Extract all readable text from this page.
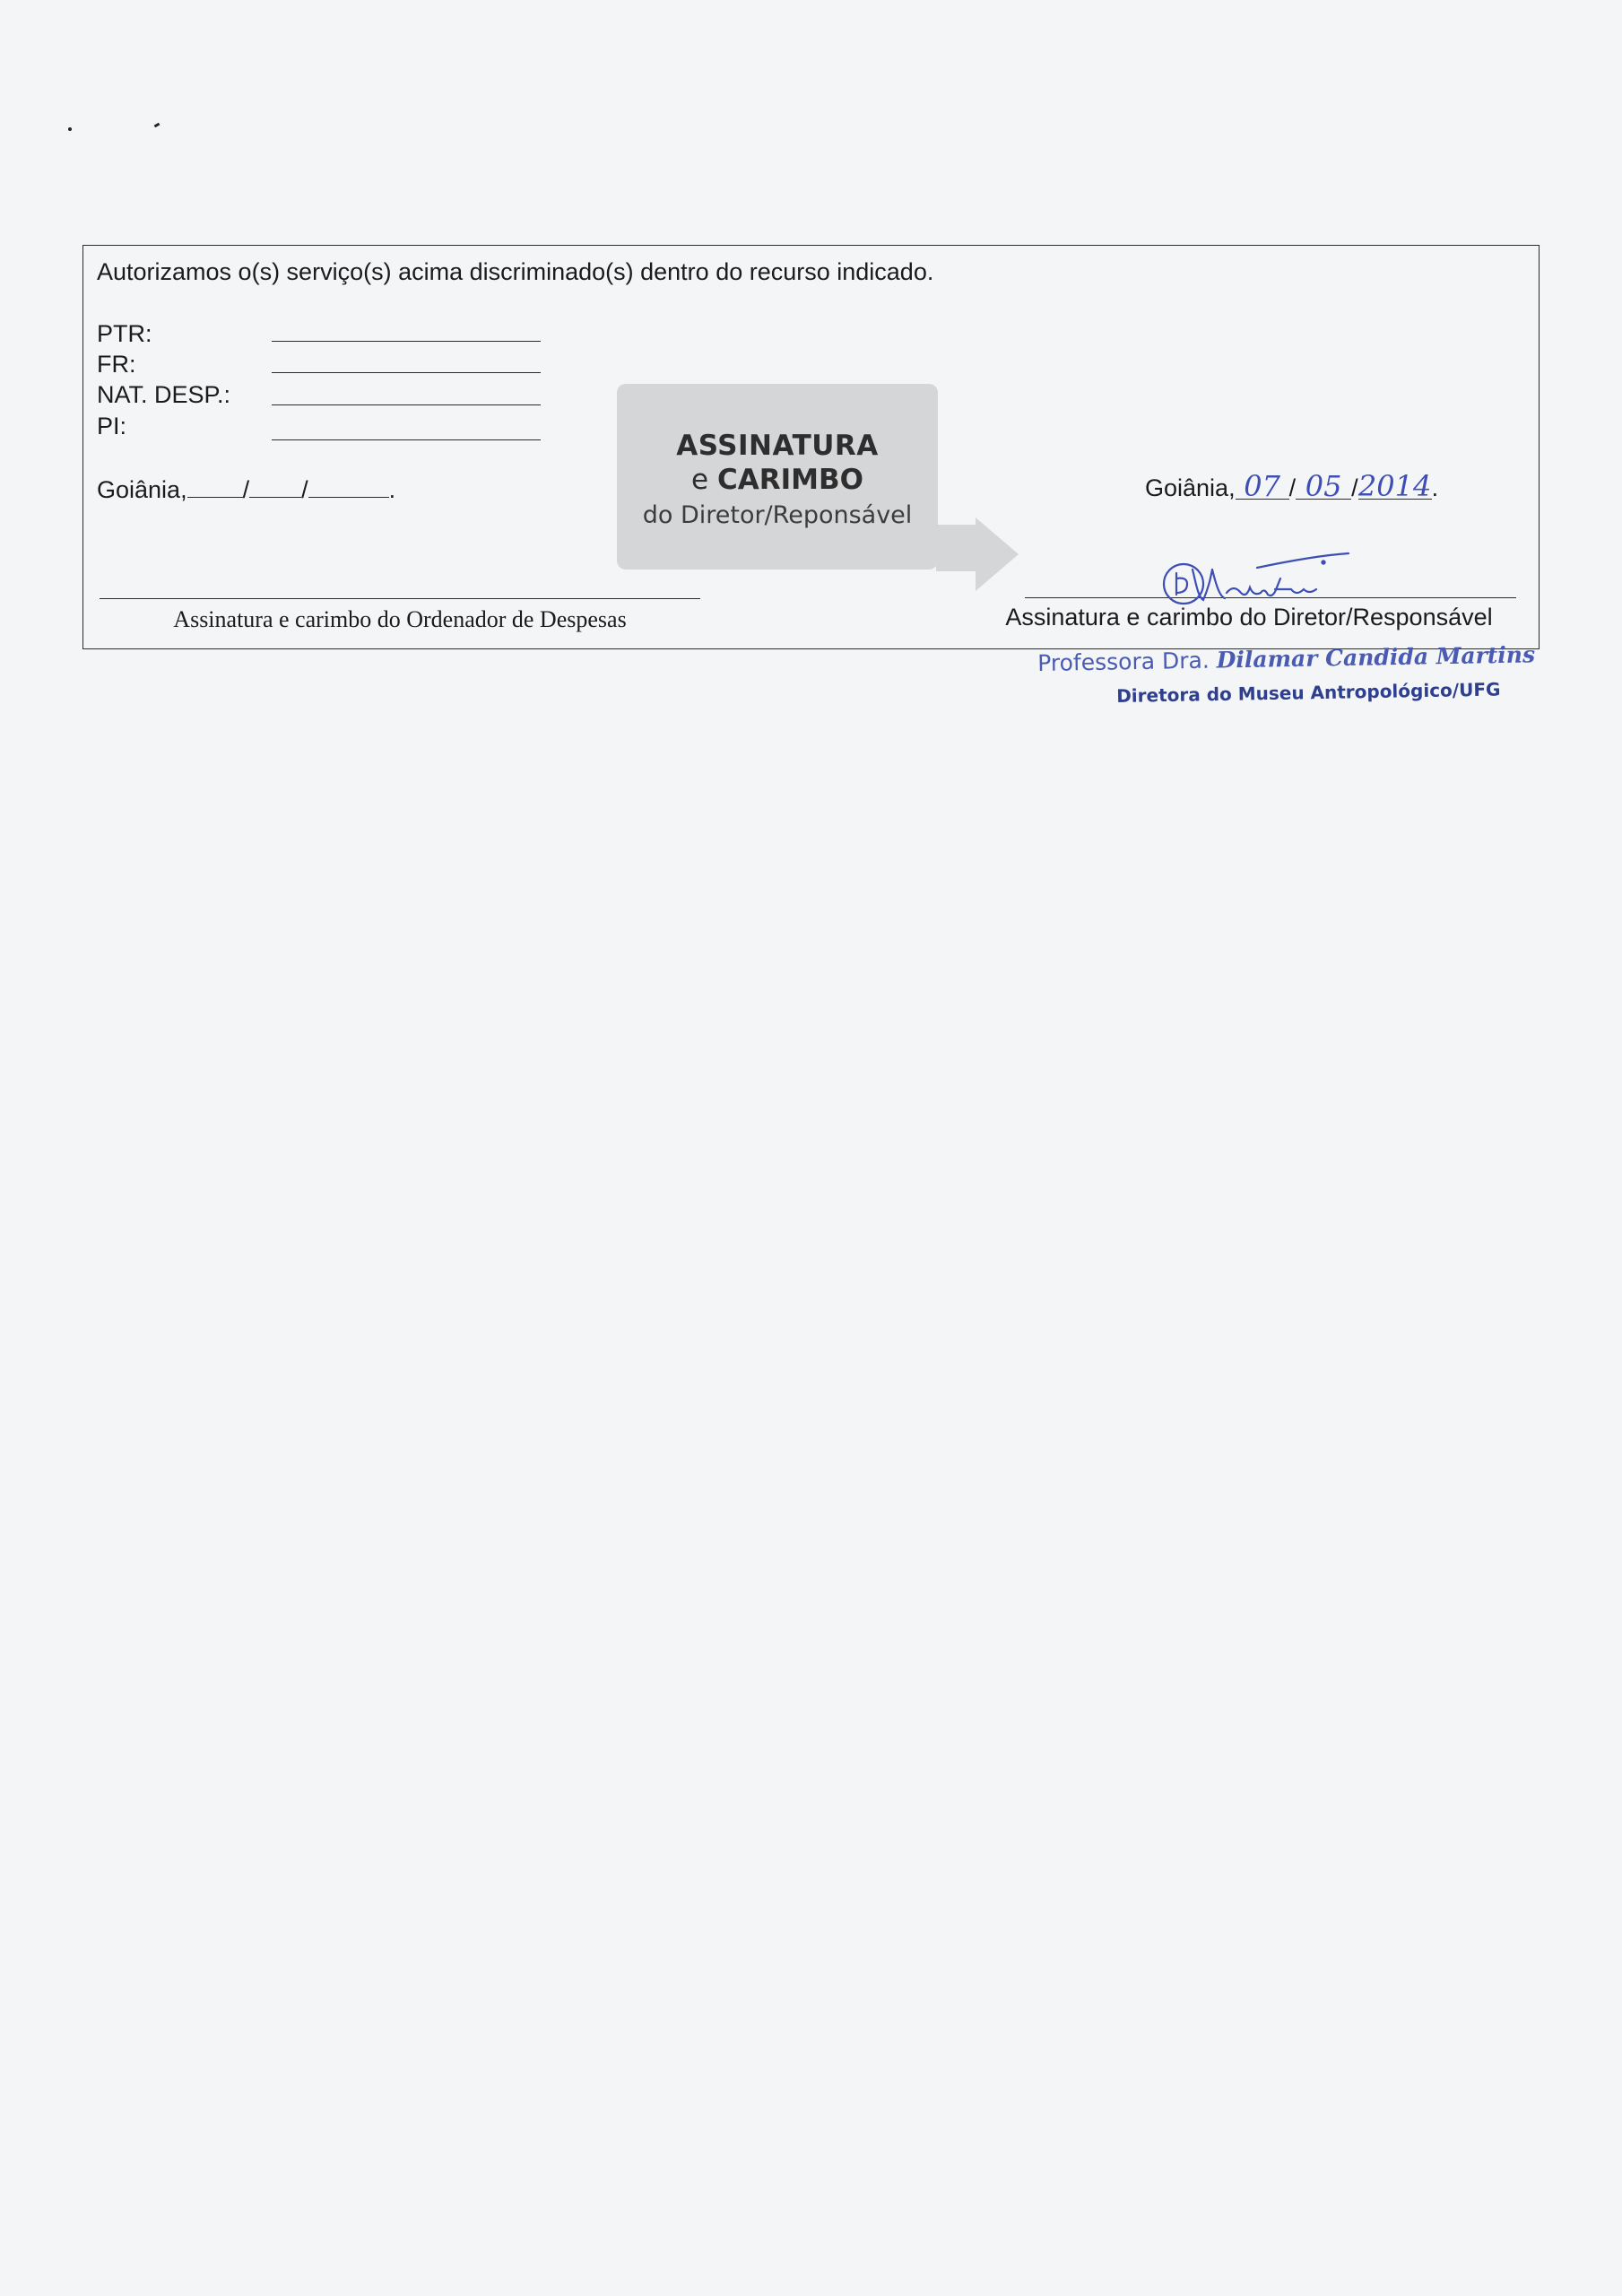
Autorizamos o(s) serviço(s) acima discriminado(s) dentro do recurso indicado.
PTR:
FR:
NAT. DESP.:
PI:
Goiânia, / /	.
Assinatura e carimbo do Ordenador de Despesas	Assinatura e carimbo do Diretor/Responsável
ASSINATURA
e CARIMBO
do Diretor/Reponsável
Goiânia, 07 / 05 /2014.
Professora Dra. Dilamar Candida Martins
Diretora do Museu Antropológico/UFG
